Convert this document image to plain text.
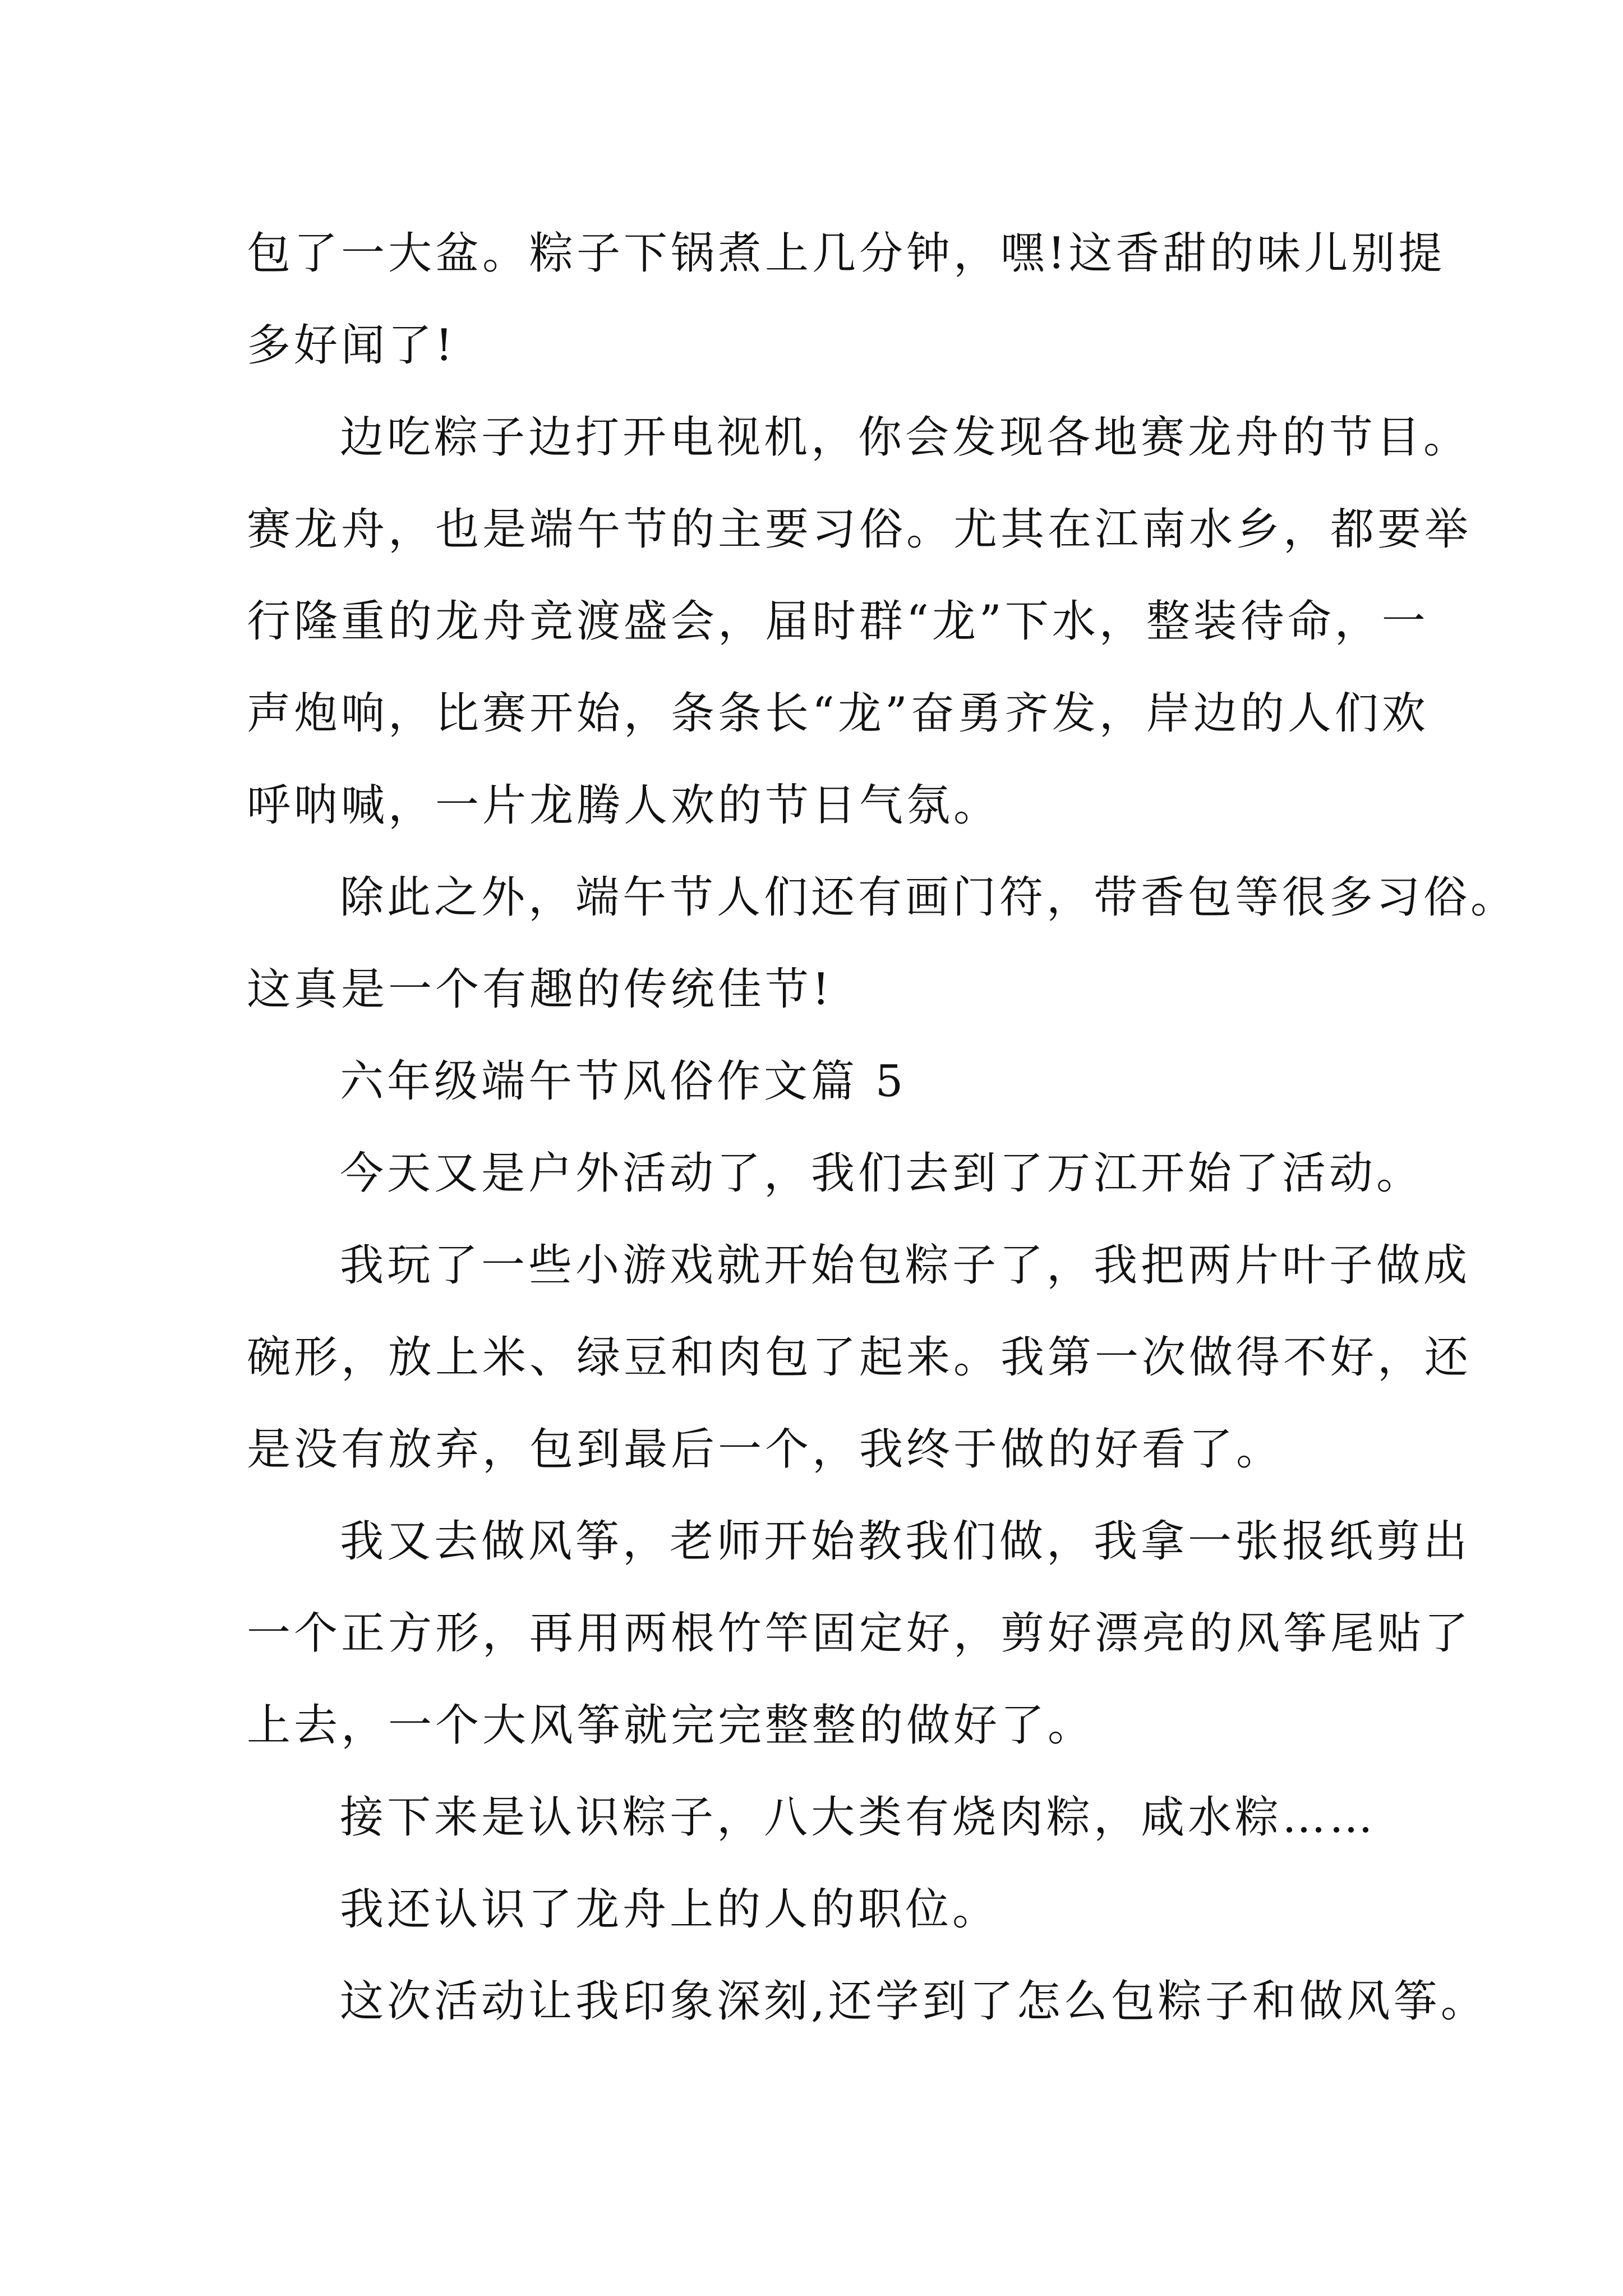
包了一大盆。粽子下锅煮上几分钟，嘿!这香甜的味儿别提
多好闻了!
边吃粽子边打开电视机，你会发现各地赛龙舟的节目。
赛龙舟，也是端午节的主要习俗。尤其在江南水乡，都要举
行隆重的龙舟竞渡盛会，届时群“龙”下水，整装待命，一
声炮响，比赛开始，条条长“龙”奋勇齐发，岸边的人们欢
呼呐喊，一片龙腾人欢的节日气氛。
除此之外，端午节人们还有画门符，带香包等很多习俗。
这真是一个有趣的传统佳节!
六年级端午节风俗作文篇 5
今天又是户外活动了，我们去到了万江开始了活动。
我玩了一些小游戏就开始包粽子了，我把两片叶子做成
碗形，放上米、绿豆和肉包了起来。我第一次做得不好，还
是没有放弃，包到最后一个，我终于做的好看了。
我又去做风筝，老师开始教我们做，我拿一张报纸剪出
一个正方形，再用两根竹竿固定好，剪好漂亮的风筝尾贴了
上去，一个大风筝就完完整整的做好了。
接下来是认识粽子，八大类有烧肉粽，咸水粽……
我还认识了龙舟上的人的职位。
这次活动让我印象深刻,还学到了怎么包粽子和做风筝。
